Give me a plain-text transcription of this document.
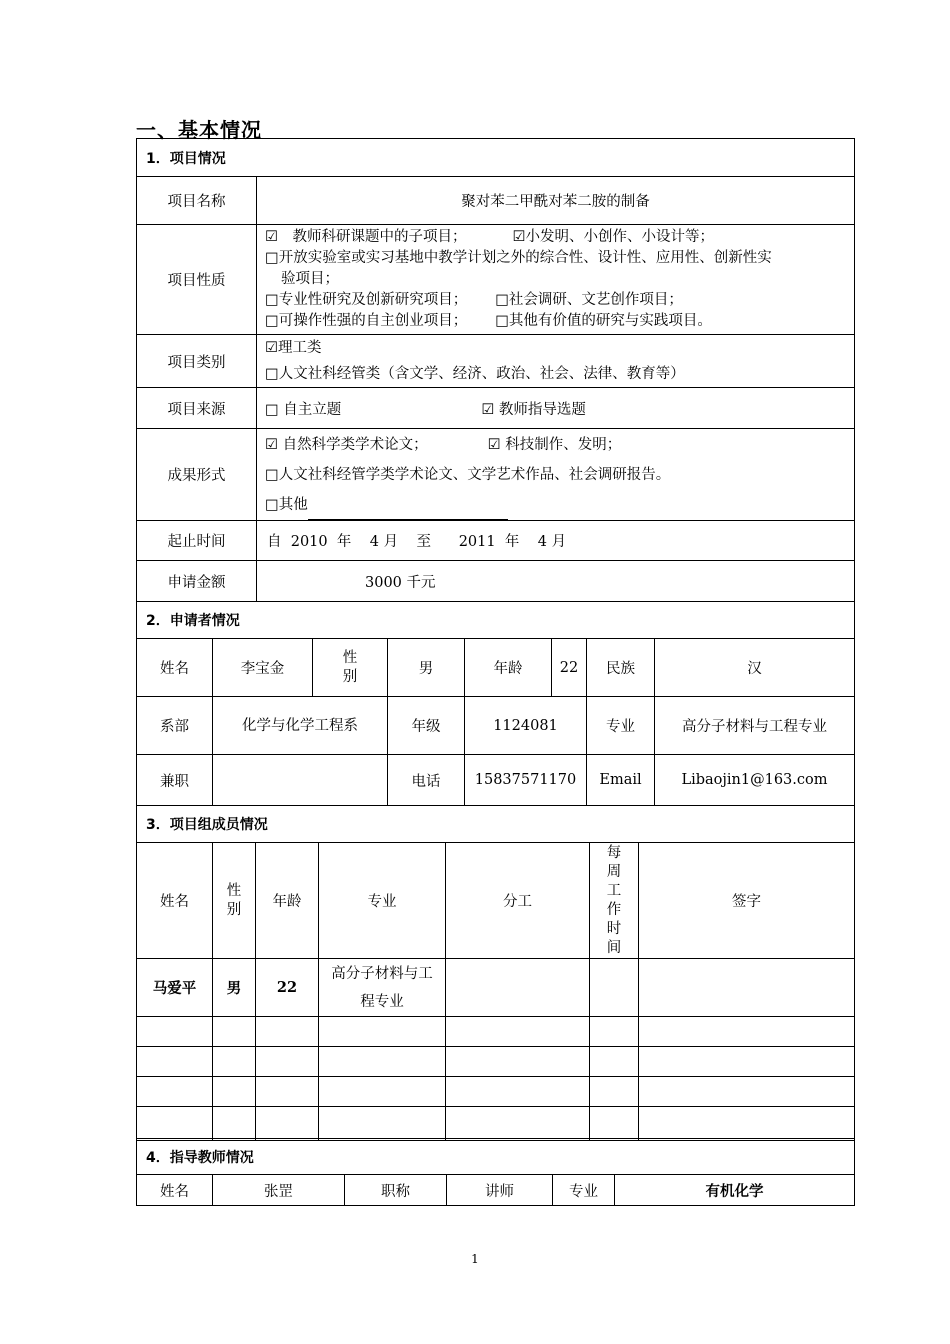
一、基本情况
1．项目情况	
项目名称	聚对苯二甲酰对苯二胺的制备
项目性质	☑　教师科研课题中的子项目； ☑小发明、小创作、小设计等；
□开放实验室或实习基地中教学计划之外的综合性、设计性、应用性、创新性实
验项目；
□专业性研究及创新研究项目； □社会调研、文艺创作项目；
□可操作性强的自主创业项目； □其他有价值的研究与实践项目。

项目类别	☑理工类
□人文社科经管类（含文学、经济、政治、社会、法律、教育等）

项目来源	□ 自主立题 ☑ 教师指导选题
成果形式	☑ 自然科学类学术论文； ☑ 科技制作、发明；
□人文社科经管学类学术论文、文学艺术作品、社会调研报告。
□其他

起止时间	自  2010  年    4 月    至      2011  年    4 月
申请金额	3000 千元
2．申请者情况							
姓名	李宝金	性别	男	年龄	22	民族	汉
系部	化学与化学工程系		年级	1124081		专业	高分子材料与工程专业
兼职			电话	15837571170		Email	Libaojin1@163.com
3．项目组成员情况						
姓名	性别	年龄	专业	分工	每周工作时间	签字
马爱平	男	22	高分子材料与工程专业			

4．指导教师情况
姓名	张罡	职称	讲师	专业	有机化学
1
